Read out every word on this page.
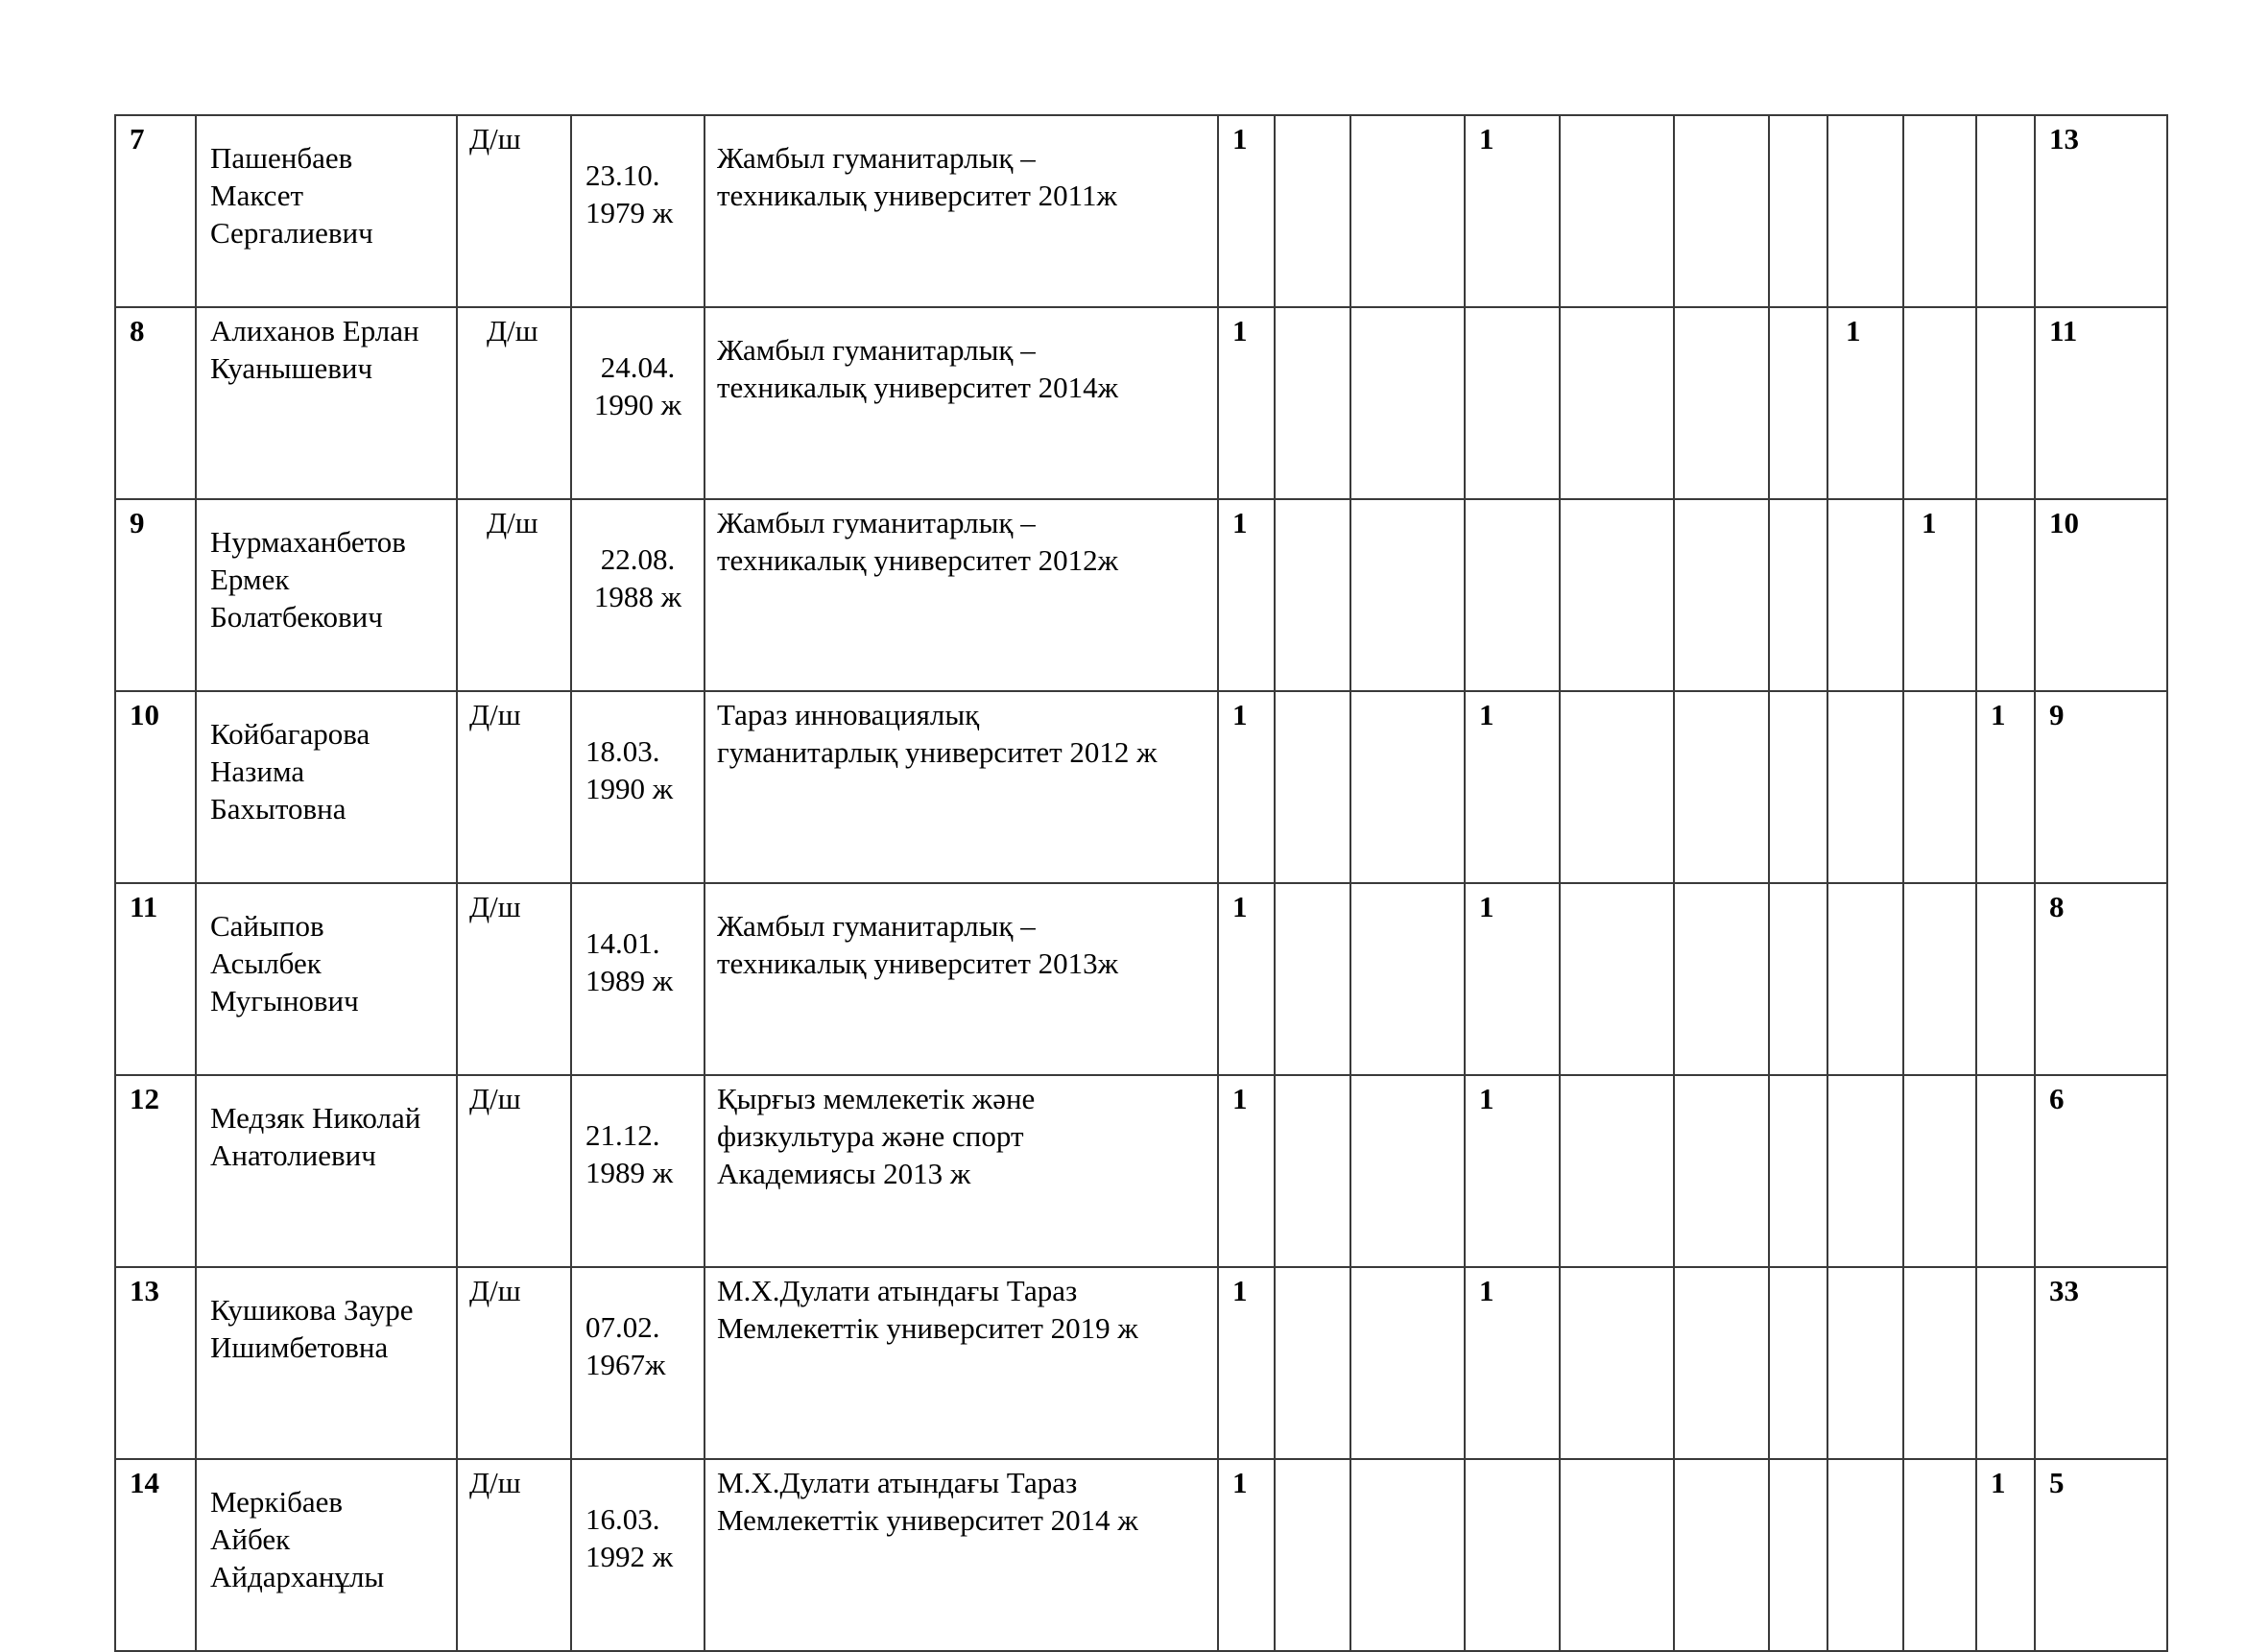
7	Пашенбаев
Максет
Сергалиевич	Д/ш	23.10.
1979 ж	Жамбыл гуманитарлық –
техникалық университет 2011ж	1			1							13
8	Алиханов Ерлан
Куанышевич	Д/ш	24.04.
1990 ж	Жамбыл гуманитарлық –
техникалық университет 2014ж	1							1			11
9	Нурмаханбетов
Ермек
Болатбекович	Д/ш	22.08.
1988 ж	Жамбыл гуманитарлық –
техникалық университет 2012ж	1								1		10
10	Койбагарова
Назима
Бахытовна	Д/ш	18.03.
1990 ж	Тараз инновациялық
гуманитарлық университет 2012 ж	1			1						1	9
11	Сайыпов
Асылбек
Мугынович	Д/ш	14.01.
1989 ж	Жамбыл гуманитарлық –
техникалық университет 2013ж	1			1							8
12	Медзяк Николай
Анатолиевич	Д/ш	21.12.
1989 ж	Қырғыз мемлекетік және
физкультура және спорт
Академиясы 2013 ж	1			1							6
13	Кушикова Зауре
Ишимбетовна	Д/ш	07.02.
1967ж	М.Х.Дулати атындағы Тараз
Мемлекеттік университет 2019 ж	1			1							33
14	Меркібаев
Айбек
Айдарханұлы	Д/ш	16.03.
1992 ж	М.Х.Дулати атындағы Тараз
Мемлекеттік университет 2014 ж	1									1	5
